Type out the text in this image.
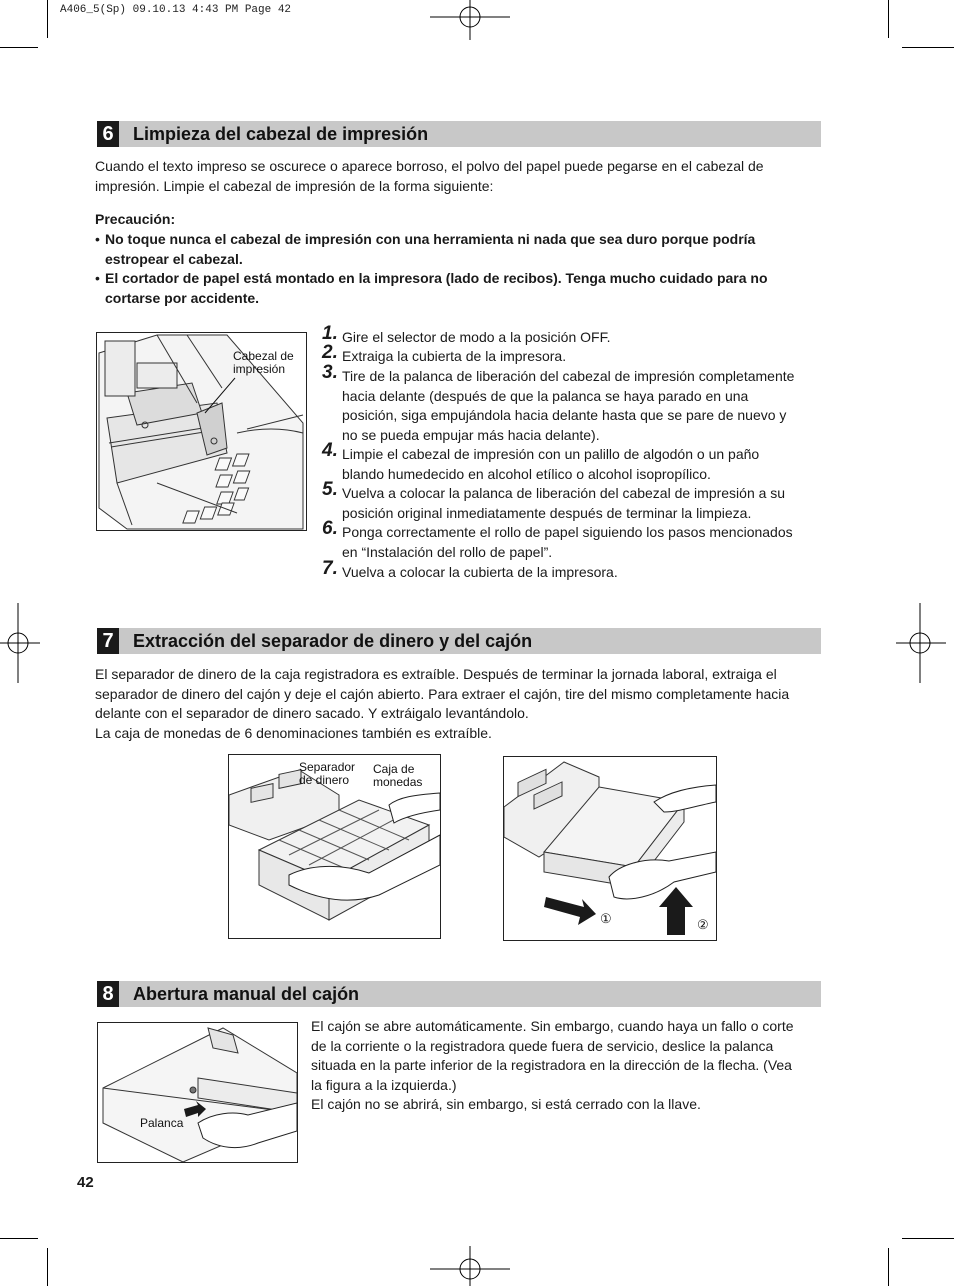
A406_5(Sp) 09.10.13 4:43 PM Page 42
6	Limpieza del cabezal de impresión
Cuando el texto impreso se oscurece o aparece borroso, el polvo del papel puede pegarse en el cabezal de
impresión. Limpie el cabezal de impresión de la forma siguiente:
Precaución:
• No toque nunca el cabezal de impresión con una herramienta ni nada que sea duro porque podría
estropear el cabezal.
• El cortador de papel está montado en la impresora (lado de recibos). Tenga mucho cuidado para no
cortarse por accidente.
Cabezal de
impresión
1. Gire el selector de modo a la posición OFF.
2. Extraiga la cubierta de la impresora.
3. Tire de la palanca de liberación del cabezal de impresión completamente
hacia delante (después de que la palanca se haya parado en una
posición, siga empujándola hacia delante hasta que se pare de nuevo y
no se pueda empujar más hacia delante).
4. Limpie el cabezal de impresión con un palillo de algodón o un paño
blando humedecido en alcohol etílico o alcohol isopropílico.
5. Vuelva a colocar la palanca de liberación del cabezal de impresión a su
posición original inmediatamente después de terminar la limpieza.
6. Ponga correctamente el rollo de papel siguiendo los pasos mencionados
en “Instalación del rollo de papel”.
7. Vuelva a colocar la cubierta de la impresora.
7	Extracción del separador de dinero y del cajón
El separador de dinero de la caja registradora es extraíble. Después de terminar la jornada laboral, extraiga el
separador de dinero del cajón y deje el cajón abierto. Para extraer el cajón, tire del mismo completamente hacia
delante con el separador de dinero sacado. Y extráigalo levantándolo.
La caja de monedas de 6 denominaciones también es extraíble.
Separador
de dinero
Caja de
monedas
①	②
8	Abertura manual del cajón
Palanca
El cajón se abre automáticamente. Sin embargo, cuando haya un fallo o corte
de la corriente o la registradora quede fuera de servicio, deslice la palanca
situada en la parte inferior de la registradora en la dirección de la flecha. (Vea
la figura a la izquierda.)
El cajón no se abrirá, sin embargo, si está cerrado con la llave.
42
